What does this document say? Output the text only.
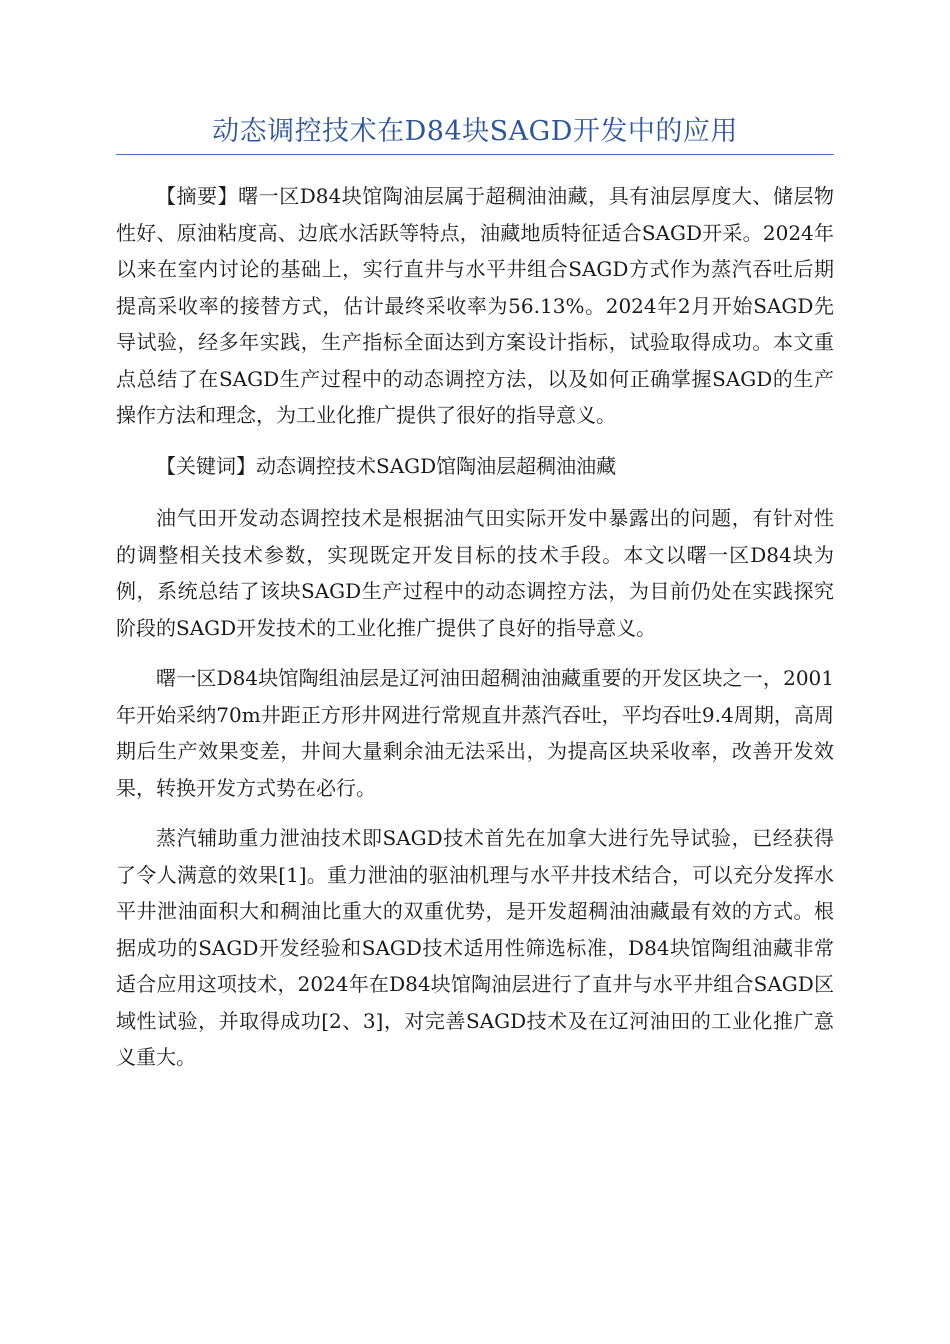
动态调控技术在D84块SAGD开发中的应用

【摘要】曙一区D84块馆陶油层属于超稠油油藏，具有油层厚度大、储层物性好、原油粘度高、边底水活跃等特点，油藏地质特征适合SAGD开采。2024年以来在室内讨论的基础上，实行直井与水平井组合SAGD方式作为蒸汽吞吐后期提高采收率的接替方式，估计最终采收率为56.13%。2024年2月开始SAGD先导试验，经多年实践，生产指标全面达到方案设计指标，试验取得成功。本文重点总结了在SAGD生产过程中的动态调控方法，以及如何正确掌握SAGD的生产操作方法和理念，为工业化推广提供了很好的指导意义。

【关键词】动态调控技术SAGD馆陶油层超稠油油藏

油气田开发动态调控技术是根据油气田实际开发中暴露出的问题，有针对性的调整相关技术参数，实现既定开发目标的技术手段。本文以曙一区D84块为例，系统总结了该块SAGD生产过程中的动态调控方法，为目前仍处在实践探究阶段的SAGD开发技术的工业化推广提供了良好的指导意义。

曙一区D84块馆陶组油层是辽河油田超稠油油藏重要的开发区块之一，2001年开始采纳70m井距正方形井网进行常规直井蒸汽吞吐，平均吞吐9.4周期，高周期后生产效果变差，井间大量剩余油无法采出，为提高区块采收率，改善开发效果，转换开发方式势在必行。

蒸汽辅助重力泄油技术即SAGD技术首先在加拿大进行先导试验，已经获得了令人满意的效果[1]。重力泄油的驱油机理与水平井技术结合，可以充分发挥水平井泄油面积大和稠油比重大的双重优势，是开发超稠油油藏最有效的方式。根据成功的SAGD开发经验和SAGD技术适用性筛选标准，D84块馆陶组油藏非常适合应用这项技术，2024年在D84块馆陶油层进行了直井与水平井组合SAGD区域性试验，并取得成功[2、3]，对完善SAGD技术及在辽河油田的工业化推广意义重大。
